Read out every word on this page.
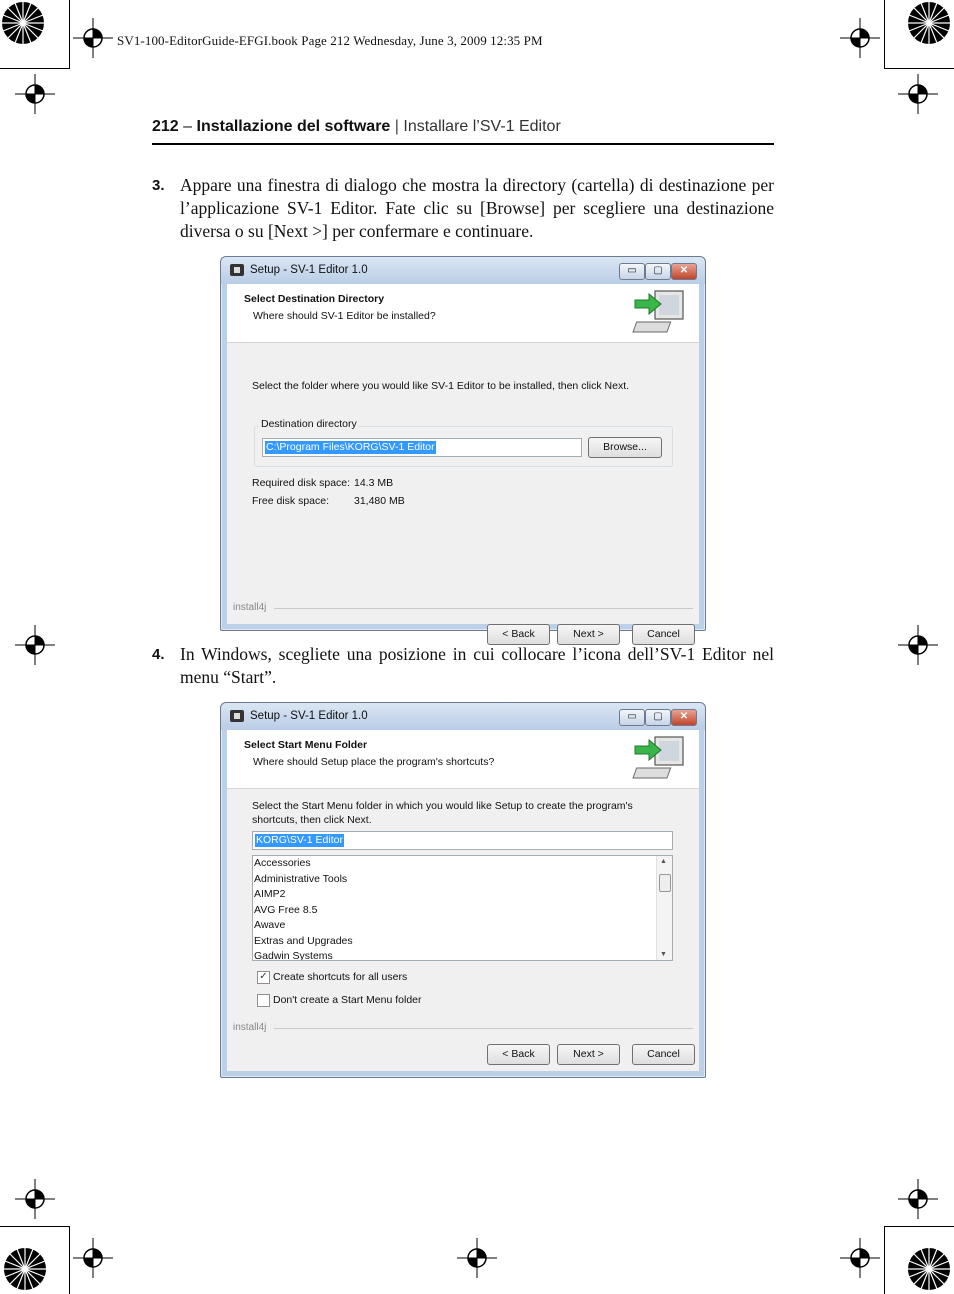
SV1-100-EditorGuide-EFGI.book Page 212 Wednesday, June 3, 2009 12:35 PM
212 – Installazione del software | Installare l’SV-1 Editor
3. Appare una finestra di dialogo che mostra la directory (cartella) di destinazione per l’applicazione SV-1 Editor. Fate clic su [Browse] per scegliere una destinazione diversa o su [Next >] per confermare e continuare.
Setup - SV-1 Editor 1.0	▭	▢	✕
Select Destination Directory
Where should SV-1 Editor be installed?
Select the folder where you would like SV-1 Editor to be installed, then click Next.
Destination directory
C:\Program Files\KORG\SV-1 Editor	Browse...
Required disk space: 14.3 MB
Free disk space: 31,480 MB
install4j
< Back	Next >	Cancel
4. In Windows, scegliete una posizione in cui collocare l’icona dell’SV-1 Editor nel menu “Start”.
Setup - SV-1 Editor 1.0	▭	▢	✕
Select Start Menu Folder
Where should Setup place the program's shortcuts?
Select the Start Menu folder in which you would like Setup to create the program's
shortcuts, then click Next.
KORG\SV-1 Editor
Accessories
Administrative Tools
AIMP2
AVG Free 8.5
Awave
Extras and Upgrades
Gadwin Systems
▲
▼
✓ Create shortcuts for all users
Don't create a Start Menu folder
install4j
< Back	Next >	Cancel
